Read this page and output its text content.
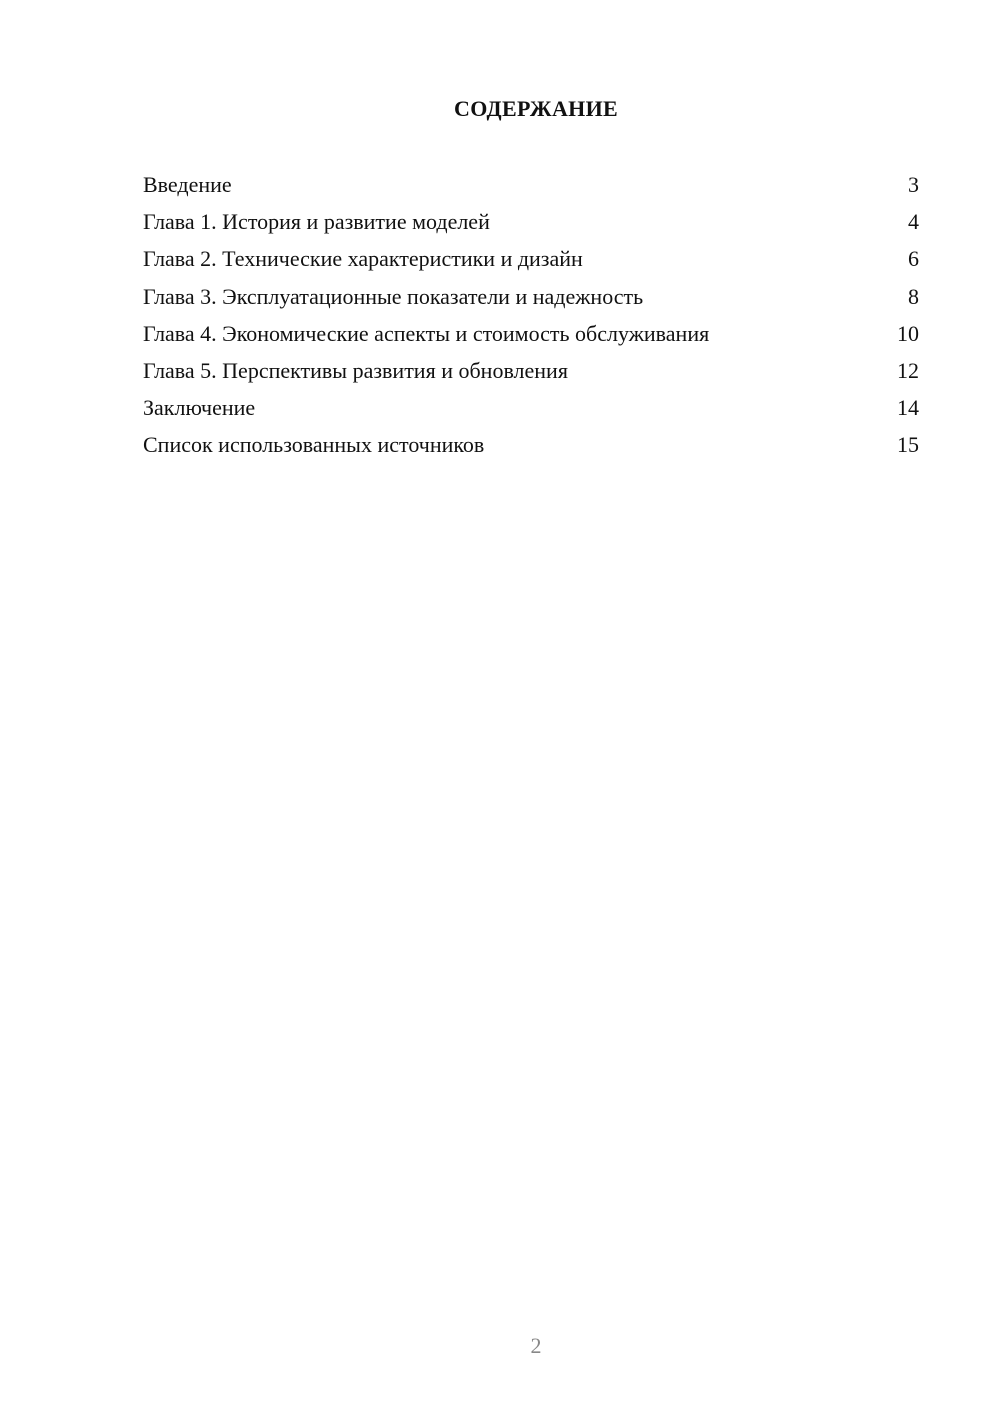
СОДЕРЖАНИЕ
Введение	3
Глава 1. История и развитие моделей	4
Глава 2. Технические характеристики и дизайн	6
Глава 3. Эксплуатационные показатели и надежность	8
Глава 4. Экономические аспекты и стоимость обслуживания	10
Глава 5. Перспективы развития и обновления	12
Заключение	14
Список использованных источников	15
2
